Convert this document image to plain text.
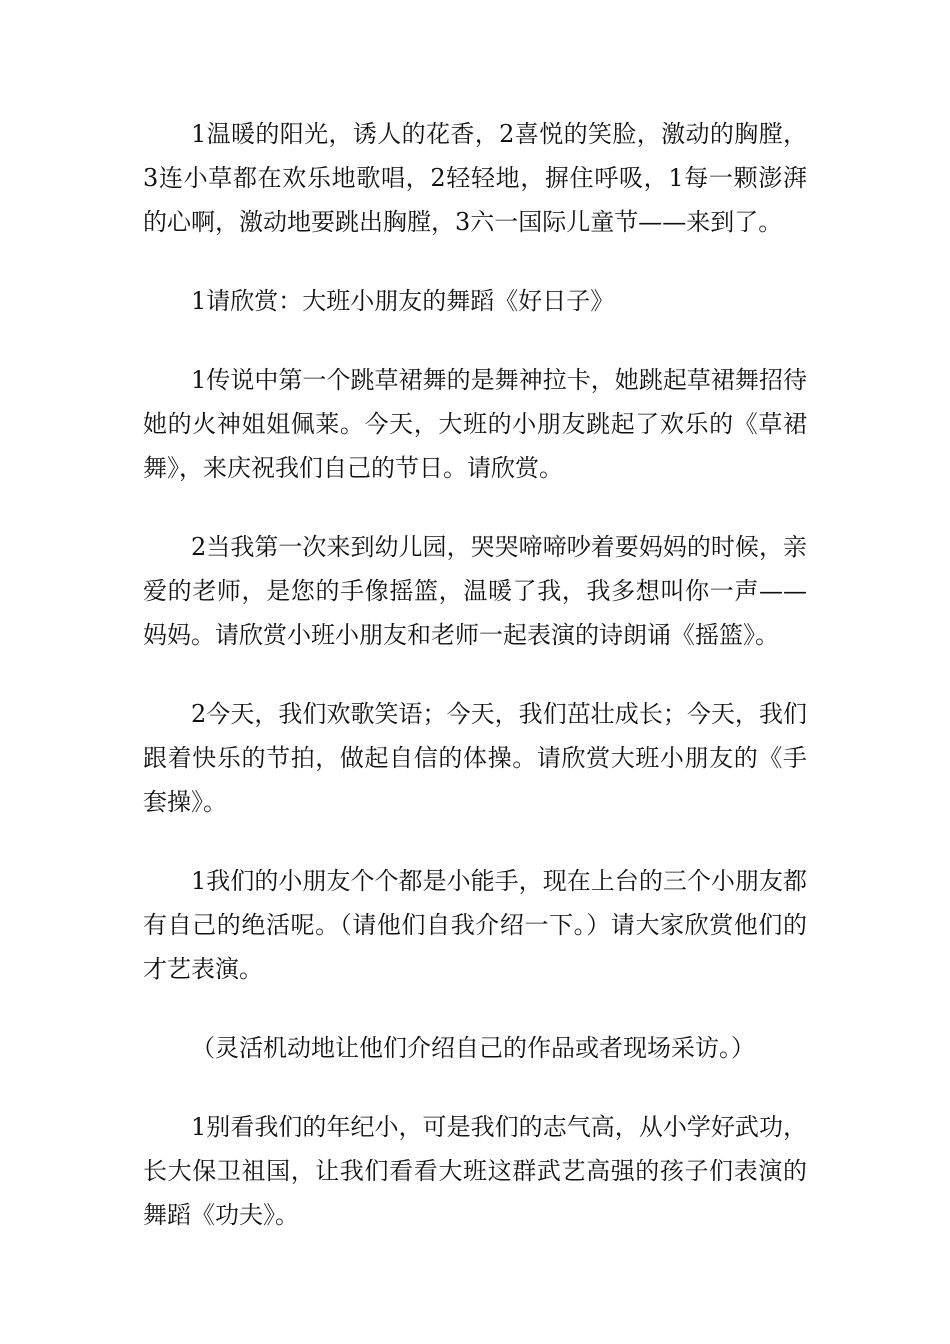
1温暖的阳光，诱人的花香，2喜悦的笑脸，激动的胸膛，3连小草都在欢乐地歌唱，2轻轻地，摒住呼吸，1每一颗澎湃的心啊，激动地要跳出胸膛，3六一国际儿童节——来到了。

1请欣赏：大班小朋友的舞蹈《好日子》

1传说中第一个跳草裙舞的是舞神拉卡，她跳起草裙舞招待她的火神姐姐佩莱。今天，大班的小朋友跳起了欢乐的《草裙舞》，来庆祝我们自己的节日。请欣赏。

2当我第一次来到幼儿园，哭哭啼啼吵着要妈妈的时候，亲爱的老师，是您的手像摇篮，温暖了我，我多想叫你一声——妈妈。请欣赏小班小朋友和老师一起表演的诗朗诵《摇篮》。

2今天，我们欢歌笑语；今天，我们茁壮成长；今天，我们跟着快乐的节拍，做起自信的体操。请欣赏大班小朋友的《手套操》。

1我们的小朋友个个都是小能手，现在上台的三个小朋友都有自己的绝活呢。（请他们自我介绍一下。）请大家欣赏他们的才艺表演。

（灵活机动地让他们介绍自己的作品或者现场采访。）

1别看我们的年纪小，可是我们的志气高，从小学好武功，长大保卫祖国，让我们看看大班这群武艺高强的孩子们表演的舞蹈《功夫》。
